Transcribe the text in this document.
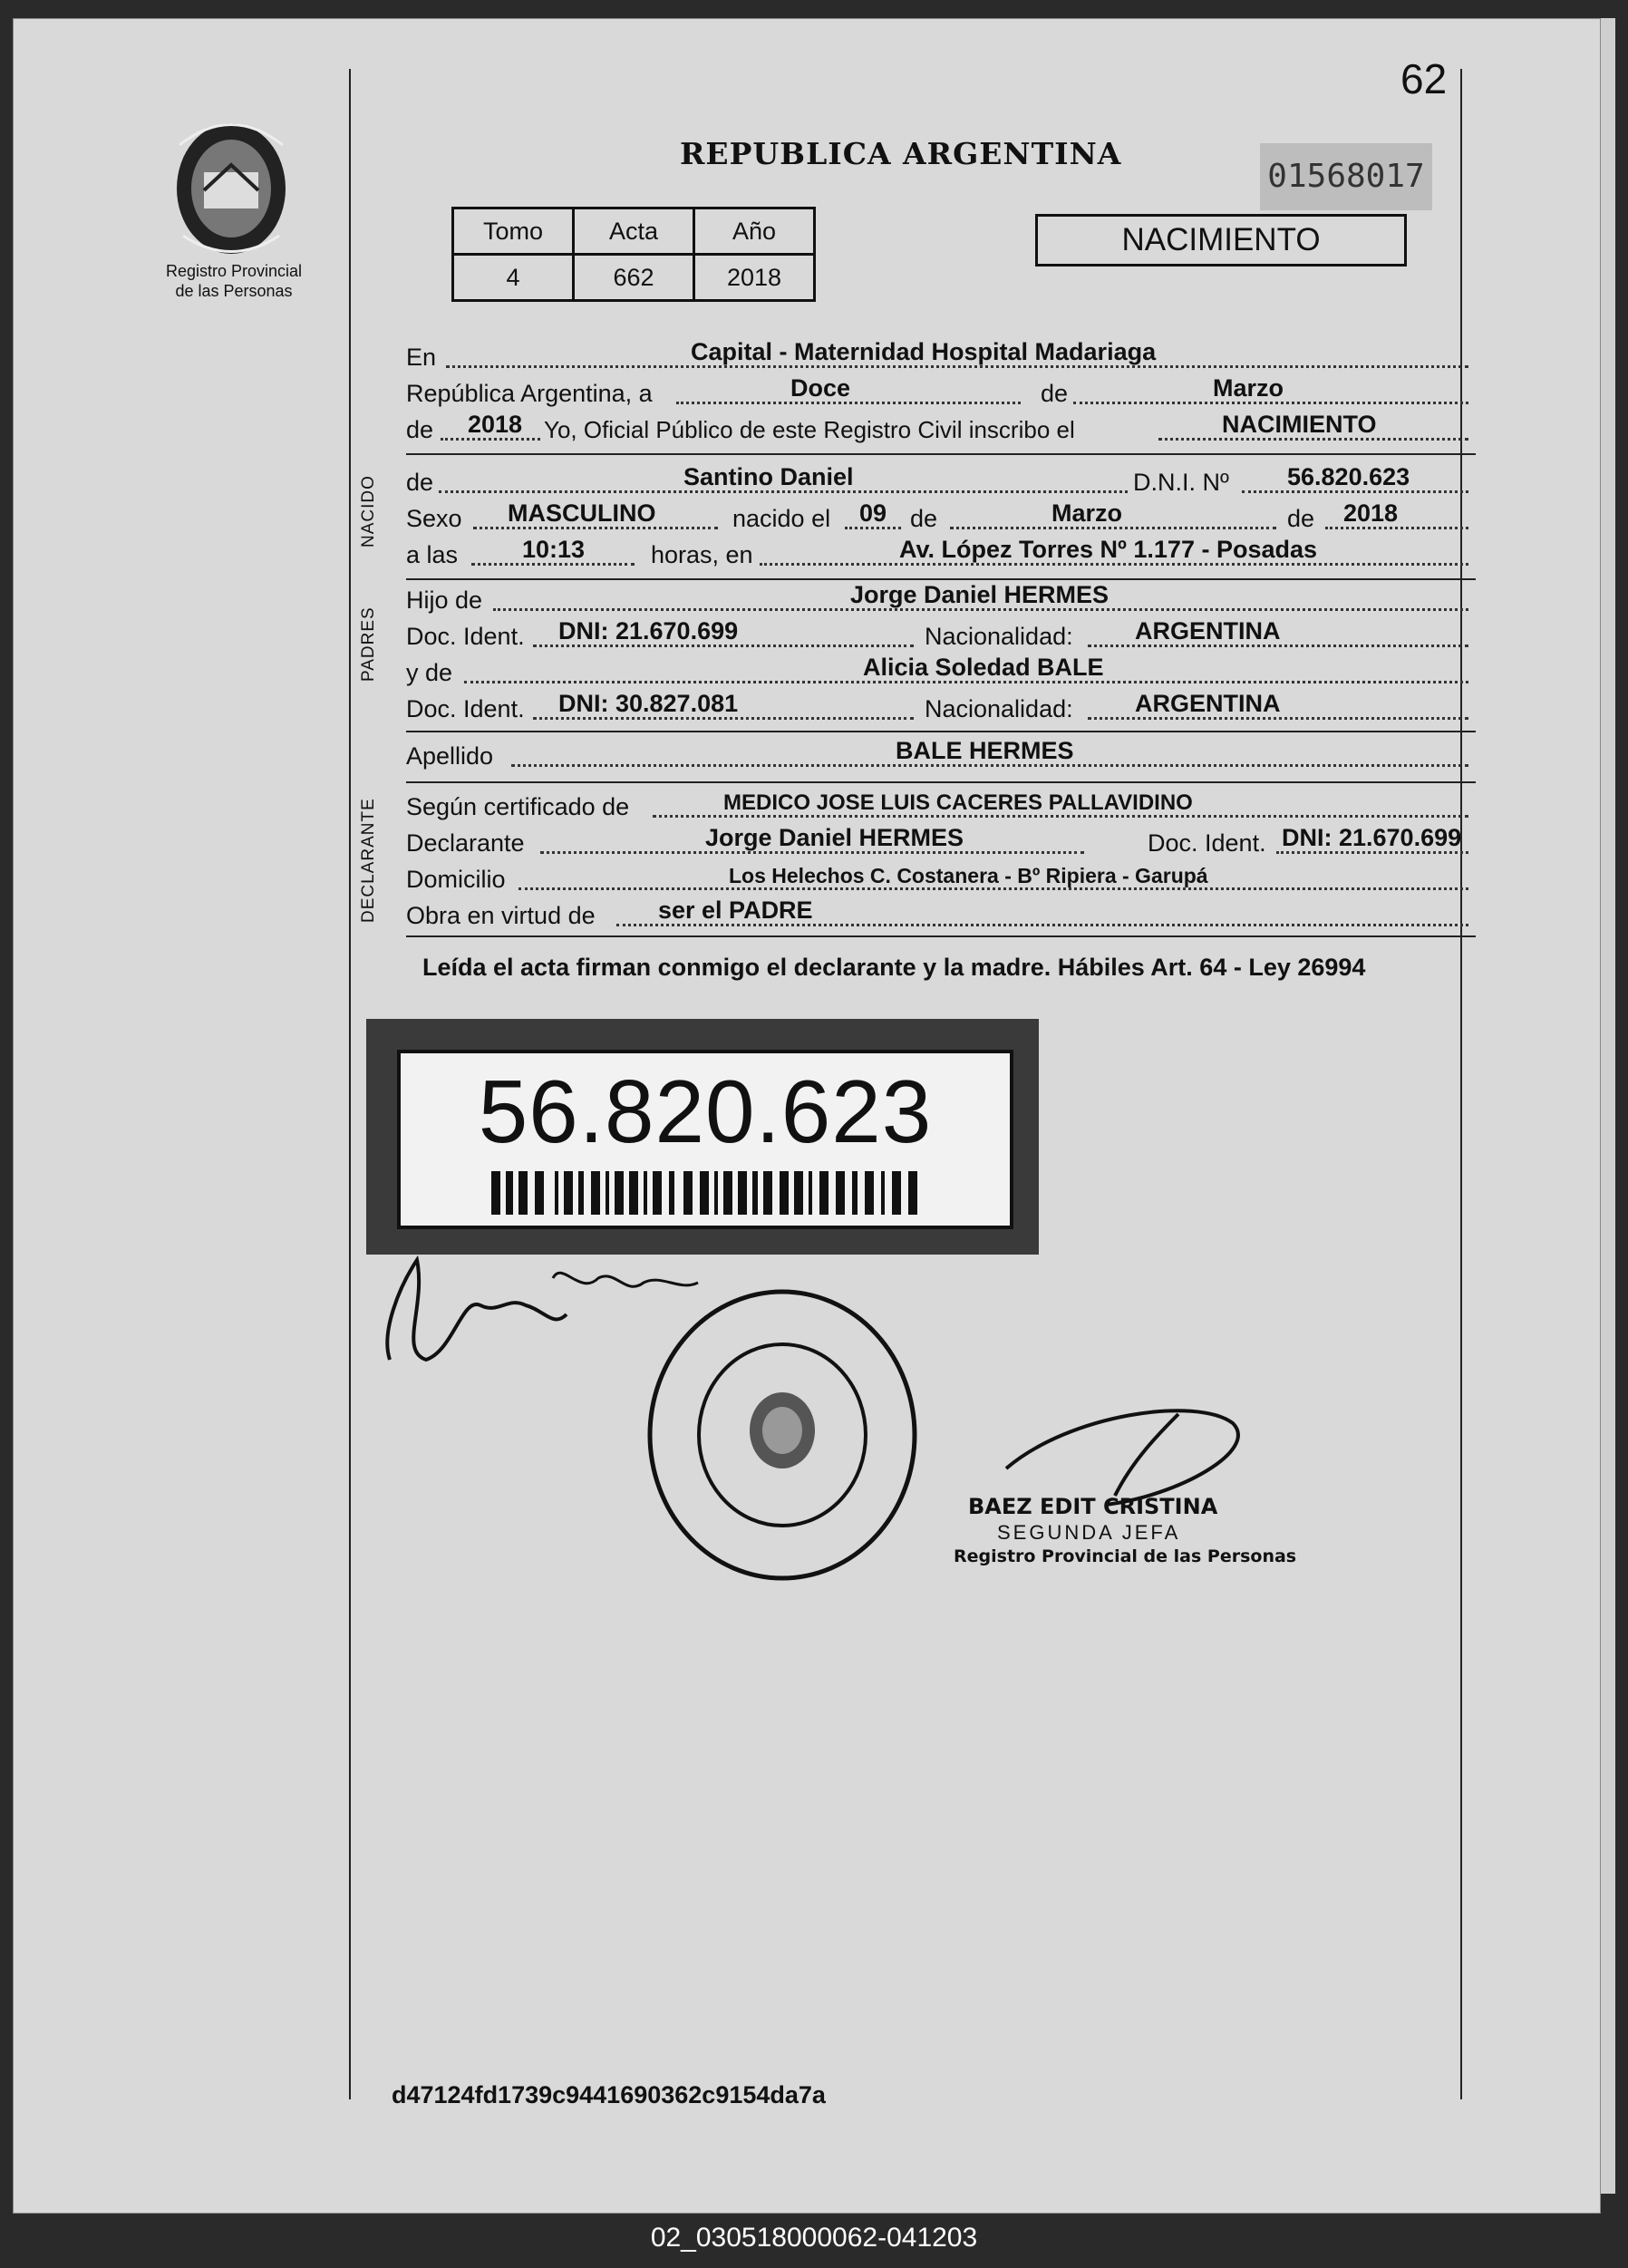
62
Registro Provincial
de las Personas
REPUBLICA ARGENTINA
01568017
NACIMIENTO
Tomo	Acta	Año
4	662	2018
En	Capital - Maternidad Hospital Madariaga
República Argentina, a	Doce	de	Marzo
de 2018 Yo, Oficial Público de este Registro Civil inscribo el	NACIMIENTO
NACIDO de	Santino Daniel	D.N.I. Nº 56.820.623
Sexo MASCULINO	nacido el 09 de	Marzo	de 2018
a las	10:13	horas, en	Av. López Torres Nº 1.177 - Posadas
PADRES
Hijo de	Jorge Daniel HERMES
Doc. Ident. DNI: 21.670.699	Nacionalidad:	ARGENTINA
y de	Alicia Soledad BALE
Doc. Ident. DNI: 30.827.081	Nacionalidad:	ARGENTINA
Apellido	BALE HERMES
DECLARANTE Según certificado de	MEDICO JOSE LUIS CACERES PALLAVIDINO
Declarante	Jorge Daniel HERMES	Doc. Ident. DNI: 21.670.699
Domicilio	Los Helechos C. Costanera - Bº Ripiera - Garupá
Obra en virtud de	ser el PADRE
Leída el acta firman conmigo el declarante y la madre. Hábiles Art. 64 - Ley 26994
56.820.623
BAEZ EDIT CRISTINA
SEGUNDA JEFA
Registro Provincial de las Personas
d47124fd1739c9441690362c9154da7a
02_030518000062-041203
